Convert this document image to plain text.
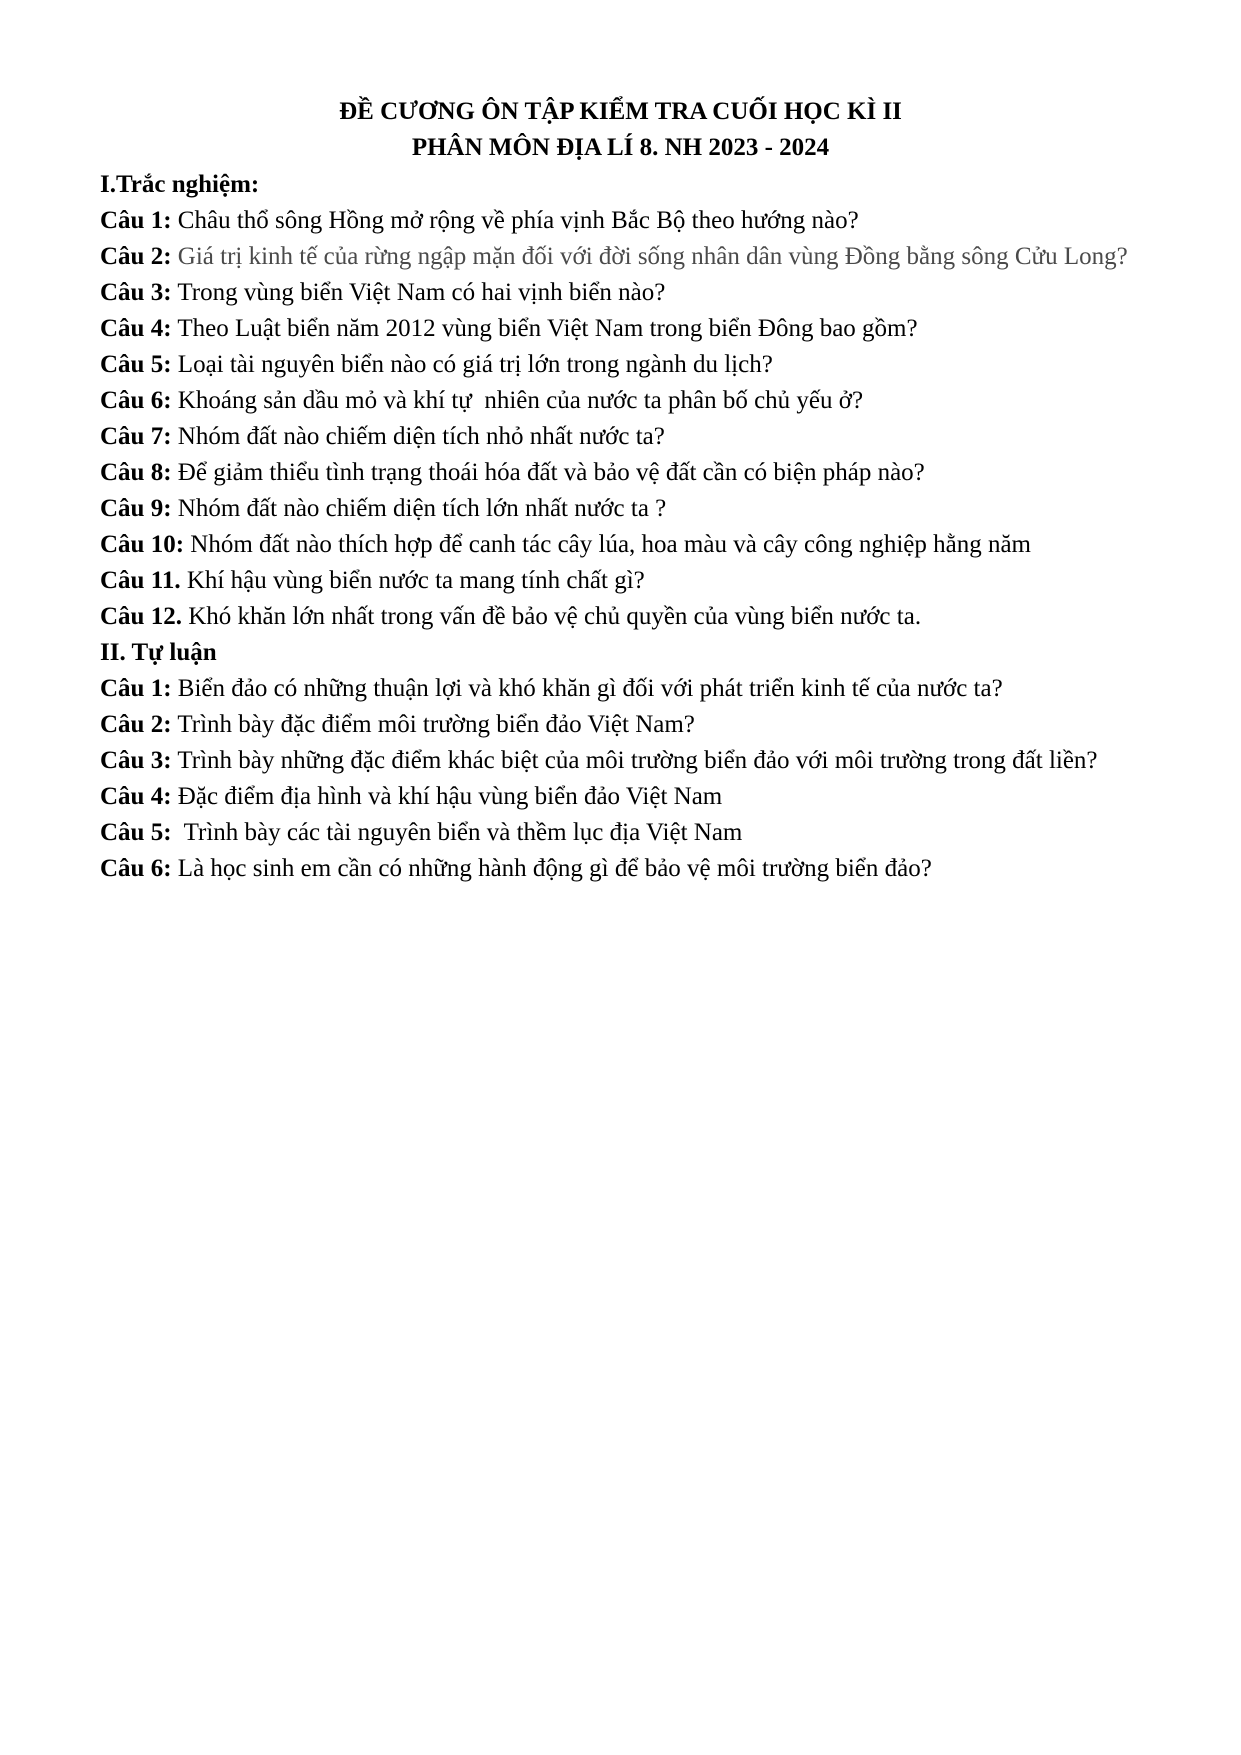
ĐỀ CƯƠNG ÔN TẬP KIỂM TRA CUỐI HỌC KÌ II
PHÂN MÔN ĐỊA LÍ 8. NH 2023 - 2024
I.Trắc nghiệm:

Câu 1: Châu thổ sông Hồng mở rộng về phía vịnh Bắc Bộ theo hướng nào?

Câu 2: Giá trị kinh tế của rừng ngập mặn đối với đời sống nhân dân vùng Đồng bằng sông Cửu Long?

Câu 3: Trong vùng biển Việt Nam có hai vịnh biển nào?

Câu 4: Theo Luật biển năm 2012 vùng biển Việt Nam trong biển Đông bao gồm?

Câu 5: Loại tài nguyên biển nào có giá trị lớn trong ngành du lịch?

Câu 6: Khoáng sản dầu mỏ và khí tự  nhiên của nước ta phân bố chủ yếu ở?

Câu 7: Nhóm đất nào chiếm diện tích nhỏ nhất nước ta?

Câu 8: Để giảm thiểu tình trạng thoái hóa đất và bảo vệ đất cần có biện pháp nào?

Câu 9: Nhóm đất nào chiếm diện tích lớn nhất nước ta ?

Câu 10: Nhóm đất nào thích hợp để canh tác cây lúa, hoa màu và cây công nghiệp hằng năm

Câu 11. Khí hậu vùng biển nước ta mang tính chất gì?

Câu 12. Khó khăn lớn nhất trong vấn đề bảo vệ chủ quyền của vùng biển nước ta.

II. Tự luận

Câu 1: Biển đảo có những thuận lợi và khó khăn gì đối với phát triển kinh tế của nước ta?

Câu 2: Trình bày đặc điểm môi trường biển đảo Việt Nam?

Câu 3: Trình bày những đặc điểm khác biệt của môi trường biển đảo với môi trường trong đất liền?

Câu 4: Đặc điểm địa hình và khí hậu vùng biển đảo Việt Nam

Câu 5:  Trình bày các tài nguyên biển và thềm lục địa Việt Nam

Câu 6: Là học sinh em cần có những hành động gì để bảo vệ môi trường biển đảo?
